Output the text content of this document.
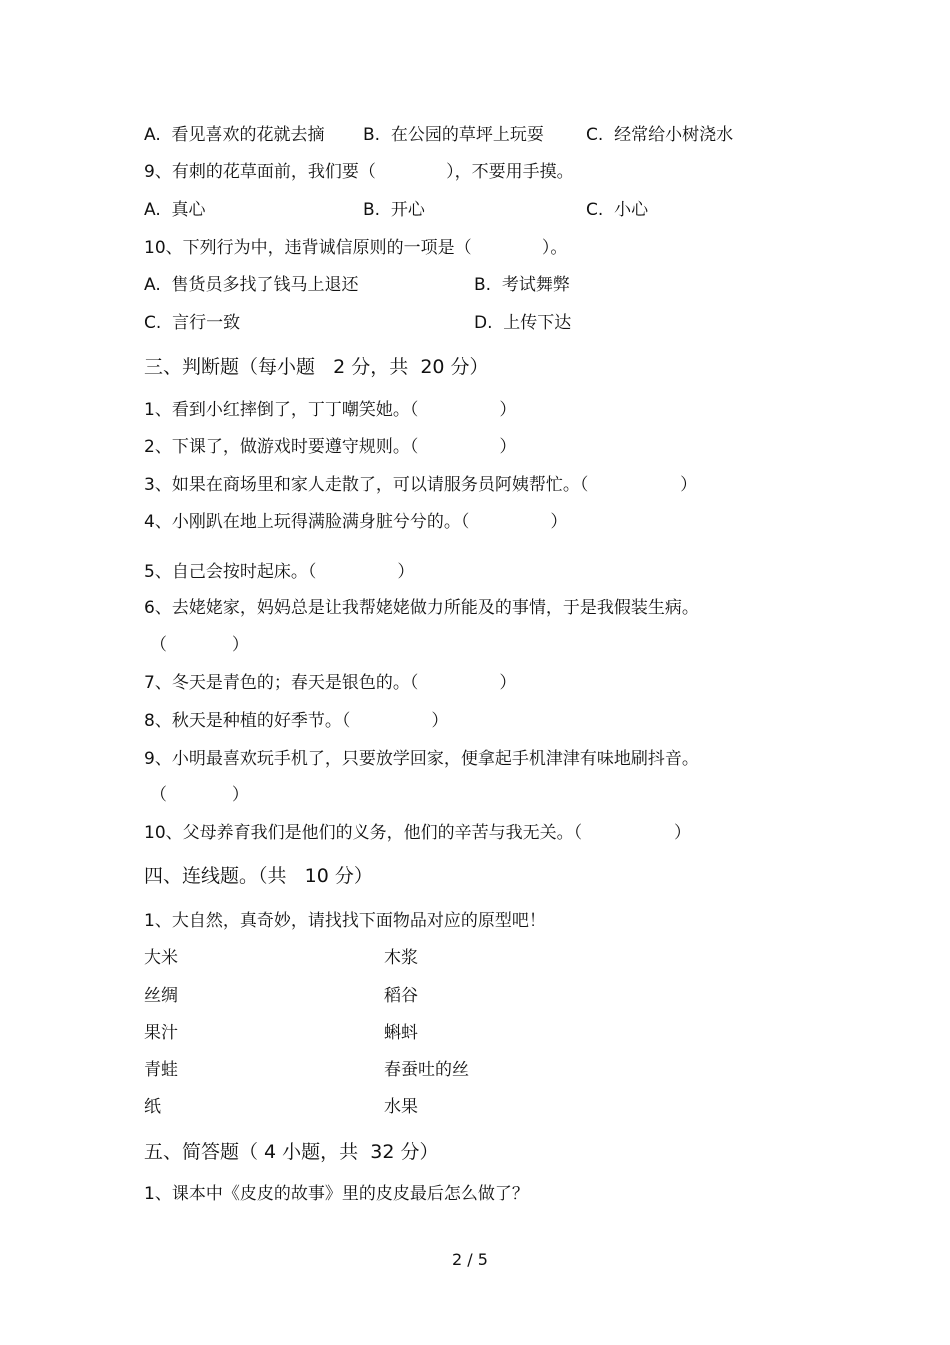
A.  看见喜欢的花就去摘 B.  在公园的草坪上玩耍 C.  经常给小树浇水
9、有刺的花草面前，我们要（             ），不要用手摸。
A.  真心	B.  开心	C.  小心
10、下列行为中，违背诚信原则的一项是（             ）。
A.  售货员多找了钱马上退还	B.  考试舞弊
C.  言行一致	D.  上传下达
三、判断题（每小题   2 分，共  20 分）
1、看到小红摔倒了，丁丁嘲笑她。（               ）
2、下课了，做游戏时要遵守规则。（               ）
3、如果在商场里和家人走散了，可以请服务员阿姨帮忙。（                 ）
4、小刚趴在地上玩得满脸满身脏兮兮的。（               ）
5、自己会按时起床。（               ）
6、去姥姥家，妈妈总是让我帮姥姥做力所能及的事情，于是我假装生病。
（            ）
7、冬天是青色的；春天是银色的。（               ）
8、秋天是种植的好季节。（               ）
9、小明最喜欢玩手机了，只要放学回家，便拿起手机津津有味地刷抖音。
（            ）
10、父母养育我们是他们的义务，他们的辛苦与我无关。（                 ）
四、连线题。（共   10 分）
1、大自然，真奇妙，请找找下面物品对应的原型吧！
大米	木浆
丝绸	稻谷
果汁	蝌蚪
青蛙	春蚕吐的丝
纸	水果
五、简答题（ 4 小题，共  32 分）
1、课本中《皮皮的故事》里的皮皮最后怎么做了？
2 / 5
